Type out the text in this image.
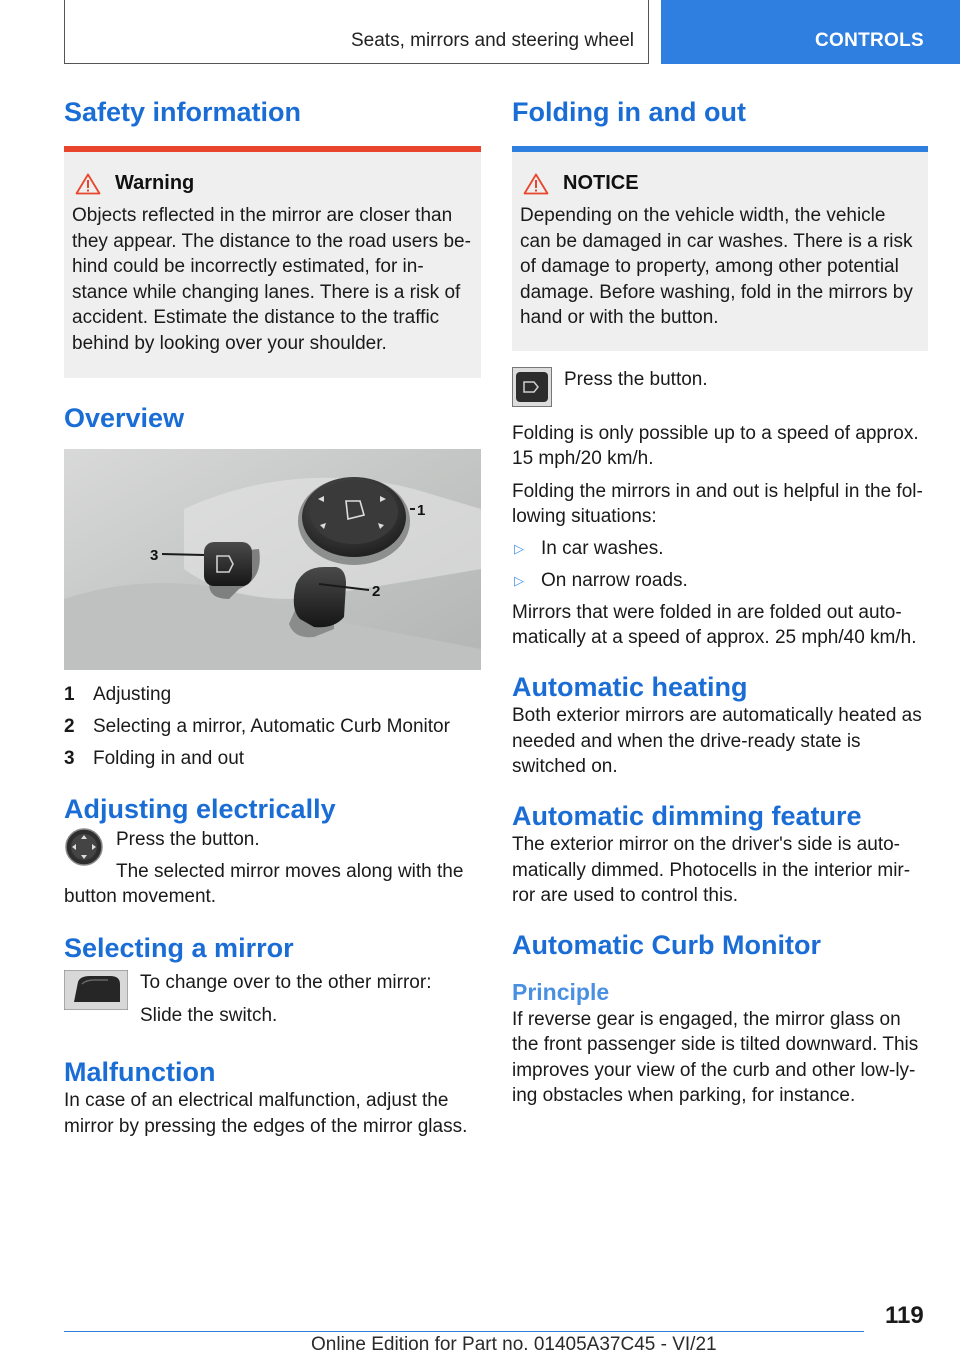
Seats, mirrors and steering wheel	CONTROLS
Safety information
Warning

Objects reflected in the mirror are closer than
they appear. The distance to the road users be-
hind could be incorrectly estimated, for in-
stance while changing lanes. There is a risk of
accident. Estimate the distance to the traffic
behind by looking over your shoulder.

Overview
3
1
2
1 Adjusting
2 Selecting a mirror, Automatic Curb Monitor
3 Folding in and out
Adjusting electrically

Press the button.

The selected mirror moves along with the

button movement.

Selecting a mirror

To change over to the other mirror:

Slide the switch.

Malfunction

In case of an electrical malfunction, adjust the
mirror by pressing the edges of the mirror glass.

Folding in and out
NOTICE

Depending on the vehicle width, the vehicle
can be damaged in car washes. There is a risk
of damage to property, among other potential
damage. Before washing, fold in the mirrors by
hand or with the button.

Press the button.

Folding is only possible up to a speed of approx.
15 mph/20 km/h.

Folding the mirrors in and out is helpful in the fol-
lowing situations:

▷ In car washes.
▷ On narrow roads.

Mirrors that were folded in are folded out auto-
matically at a speed of approx. 25 mph/40 km/h.

Automatic heating

Both exterior mirrors are automatically heated as
needed and when the drive-ready state is
switched on.

Automatic dimming feature

The exterior mirror on the driver's side is auto-
matically dimmed. Photocells in the interior mir-
ror are used to control this.

Automatic Curb Monitor
Principle

If reverse gear is engaged, the mirror glass on
the front passenger side is tilted downward. This
improves your view of the curb and other low-ly-
ing obstacles when parking, for instance.

119
Online Edition for Part no. 01405A37C45 - VI/21
